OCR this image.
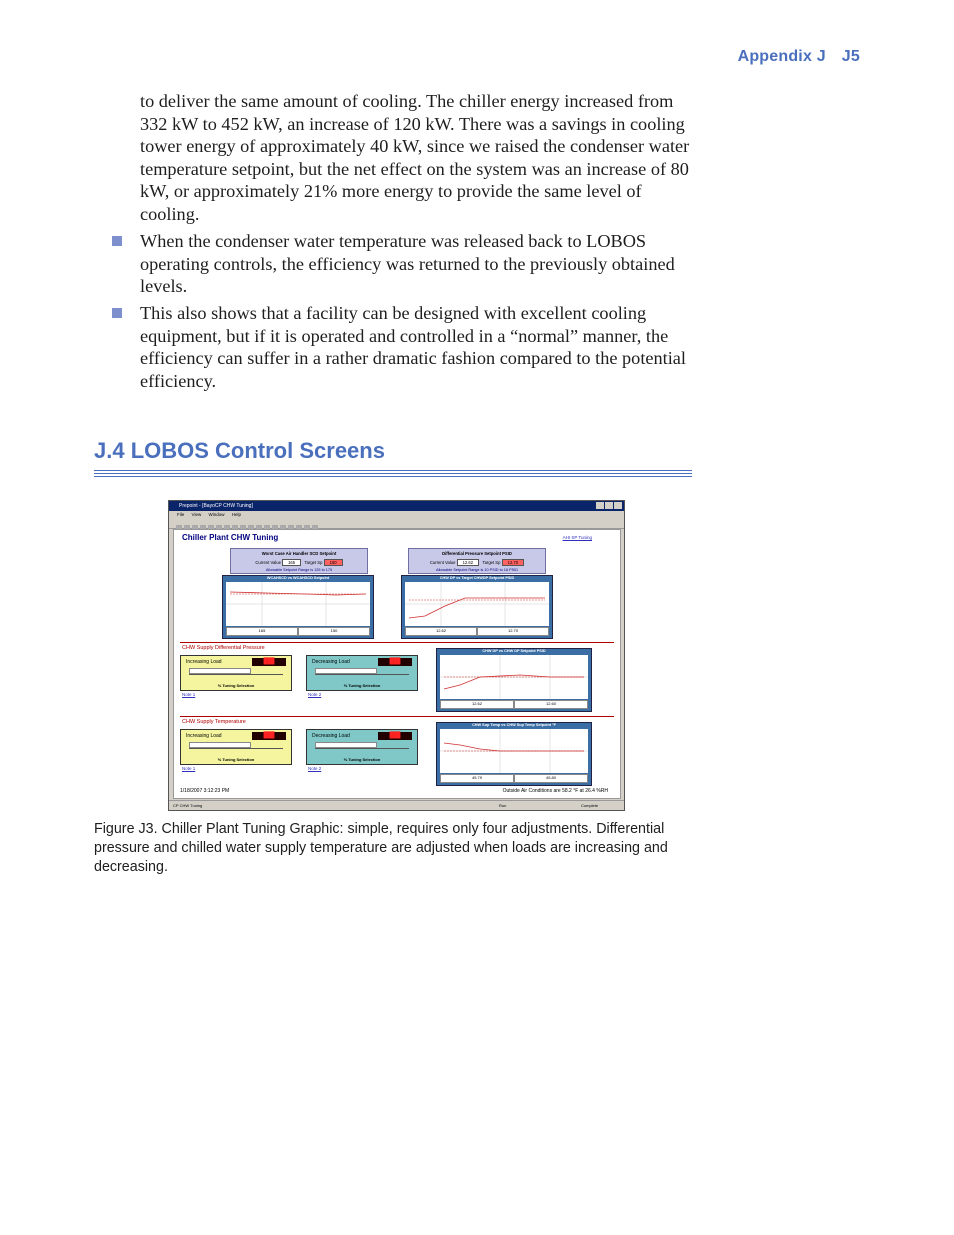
Appendix J J5
to deliver the same amount of cooling. The chiller energy increased from 332 kW to 452 kW, an increase of 120 kW. There was a savings in cooling tower energy of approximately 40 kW, since we raised the condenser water temperature setpoint, but the net effect on the system was an increase of 80 kW, or approximately 21% more energy to provide the same level of cooling.
When the condenser water temperature was released back to LOBOS operating controls, the efficiency was returned to the previously obtained levels.
This also shows that a facility can be designed with excellent cooling equipment, but if it is operated and controlled in a “normal” manner, the efficiency can suffer in a rather dramatic fashion compared to the potential efficiency.
J.4 LOBOS Control Screens
Prepoint - [BayoCP CHW Tuning]
File View Window Help
Chiller Plant CHW Tuning	AHI SP Tuning
Worst Case Air Handler SCD Setpoint
Current Value 165 Target Sp 150
Allowable Setpoint Range is 125 to 175
Differential Pressure Setpoint PSID
Current Value 12.62 Target Sp 12.70
Allowable Setpoint Range is 10 PSID to 18 PSID
WCAHSCD vs WCAHSCD Setpoint
165	150
CHW DP vs Target CHWDP Setpoint PSID
12.62	12.70
CHW Supply Differential Pressure
Increasing Load	███
% Tuning Selection
Decreasing Load	███
% Tuning Selection
Note 1	Note 2
CHW DP vs CHW DP Setpoint PSID
12.62	12.60
CHW Supply Temperature
Increasing Load	███
% Tuning Selection
Decreasing Load	███
% Tuning Selection
Note 1	Note 2
CHW Sup Temp vs CHW Sup Temp Setpoint °F
45.79	45.80
1/18/2007 3:12:23 PM	Outside Air Conditions are 58.2 °F at 26.4 %RH
CP CHW Tuning	Run	Complete
Figure J3. Chiller Plant Tuning Graphic: simple, requires only four adjustments. Differential pressure and chilled water supply temperature are adjusted when loads are increasing and decreasing.
